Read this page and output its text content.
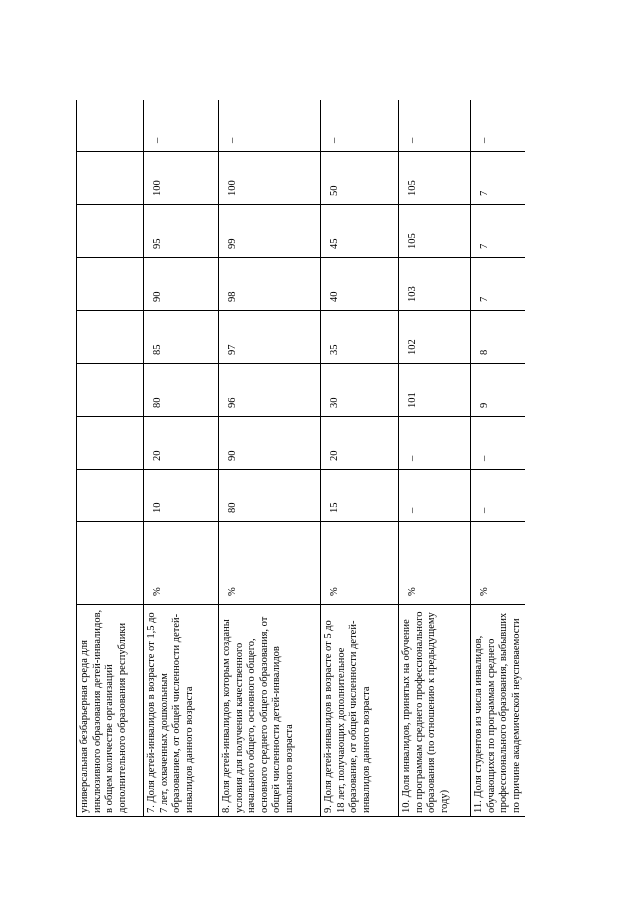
универсальная безбарьерная среда для инклюзивного образования детей-инвалидов, в общем количестве организаций дополнительного образования республики									

7. Доля детей-инвалидов в возрасте от 1,5 до 7 лет, охваченных дошкольным образованием, от общей численности детей-инвалидов данного возраста	%	10	20	80	85	90	95	100	–

8. Доля детей-инвалидов, которым созданы условия для получения качественного начального общего, основного общего, основного среднего общего образования, от общей численности детей-инвалидов школьного возраста	%	80	90	96	97	98	99	100	–

9. Доля детей-инвалидов в возрасте от 5 до 18 лет, получающих дополнительное образование, от общей численности детей-инвалидов данного возраста	%	15	20	30	35	40	45	50	–

10. Доля инвалидов, принятых на обучение по программам среднего профессионального образования (по отношению к предыдущему году)	%	–	–	101	102	103	105	105	–

11. Доля студентов из числа инвалидов, обучающихся по программам среднего профессионального образования, выбывших по причине академической неуспеваемости	%	–	–	9	8	7	7	7	–
